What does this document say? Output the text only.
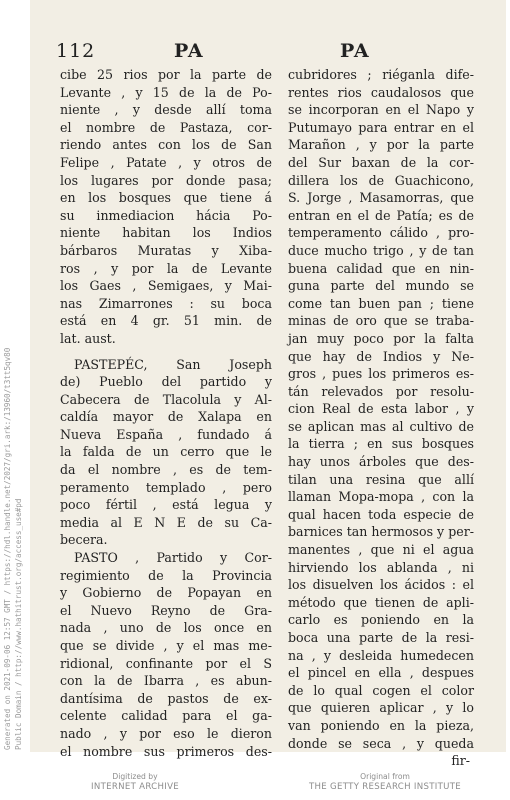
Generated on 2021-09-06 12:57 GMT / https://hdl.handle.net/2027/gri.ark:/13960/t3tt5qv80 Public Domain / http://www.hathitrust.org/access_use#pd
112	PA	PA
cibe 25 rios por la parte de
Levante , y 15 de la de Po-
niente , y desde allí toma
el nombre de Pastaza, cor-
riendo antes con los de San
Felipe , Patate , y otros de
los lugares por donde pasa;
en los bosques que tiene á
su inmediacion hácia Po-
niente habitan los Indios
bárbaros Muratas y Xiba-
ros , y por la de Levante
los Gaes , Semigaes, y Mai-
nas Zimarrones : su boca
está en 4 gr. 51 min. de
lat. aust.
PASTEPÉC, San Joseph
de) Pueblo del partido y
Cabecera de Tlacolula y Al-
caldía mayor de Xalapa en
Nueva España , fundado á
la falda de un cerro que le
da el nombre , es de tem-
peramento templado , pero
poco fértil , está legua y
media al E N E de su Ca-
becera.
PASTO , Partido y Cor-
regimiento de la Provincia
y Gobierno de Popayan en
el Nuevo Reyno de Gra-
nada , uno de los once en
que se divide , y el mas me-
ridional, confinante por el S
con la de Ibarra , es abun-
dantísima de pastos de ex-
celente calidad para el ga-
nado , y por eso le dieron
el nombre sus primeros des-
cubridores ; riéganla dife-
rentes rios caudalosos que
se incorporan en el Napo y
Putumayo para entrar en el
Marañon , y por la parte
del Sur baxan de la cor-
dillera los de Guachicono,
S. Jorge , Masamorras, que
entran en el de Patía; es de
temperamento cálido , pro-
duce mucho trigo , y de tan
buena calidad que en nin-
guna parte del mundo se
come tan buen pan ; tiene
minas de oro que se traba-
jan muy poco por la falta
que hay de Indios y Ne-
gros , pues los primeros es-
tán relevados por resolu-
cion Real de esta labor , y
se aplican mas al cultivo de
la tierra ; en sus bosques
hay unos árboles que des-
tilan una resina que allí
llaman Mopa-mopa , con la
qual hacen toda especie de
barnices tan hermosos y per-
manentes , que ni el agua
hirviendo los ablanda , ni
los disuelven los ácidos : el
método que tienen de apli-
carlo es poniendo en la
boca una parte de la resi-
na , y desleida humedecen
el pincel en ella , despues
de lo qual cogen el color
que quieren aplicar , y lo
van poniendo en la pieza,
donde se seca , y queda
fir-
Digitized by
INTERNET ARCHIVE
Original from
THE GETTY RESEARCH INSTITUTE
